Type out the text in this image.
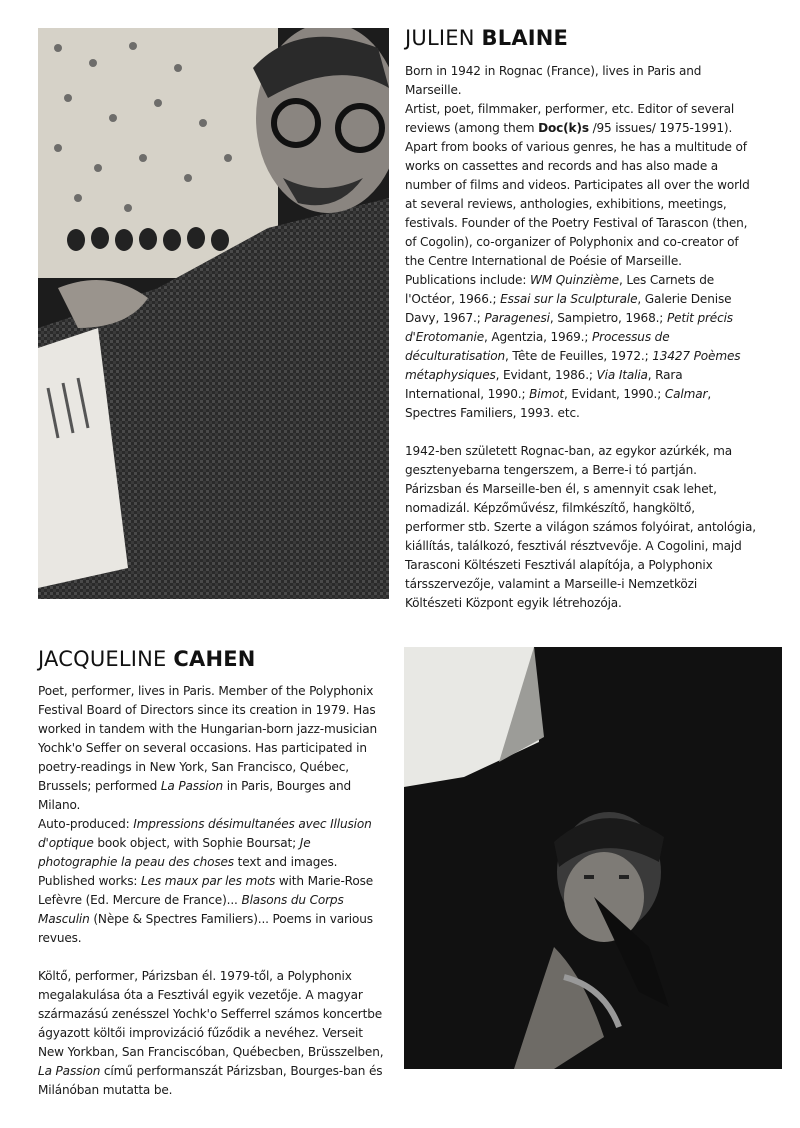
JULIEN BLAINE

Born in 1942 in Rognac (France), lives in Paris and Marseille.

Artist, poet, filmmaker, performer, etc. Editor of several reviews (among them Doc(k)s /95 issues/ 1975-1991). Apart from books of various genres, he has a multitude of works on cassettes and records and has also made a number of films and videos. Participates all over the world at several reviews, anthologies, exhibitions, meetings, festivals. Founder of the Poetry Festival of Tarascon (then, of Cogolin), co-organizer of Polyphonix and co-creator of the Centre International de Poésie of Marseille.

Publications include: WM Quinzième, Les Carnets de l'Octéor, 1966.; Essai sur la Sculpturale, Galerie Denise Davy, 1967.; Paragenesi, Sampietro, 1968.; Petit précis d'Erotomanie, Agentzia, 1969.; Processus de déculturatisation, Tête de Feuilles, 1972.; 13427 Poèmes métaphysiques, Evidant, 1986.; Via Italia, Rara International, 1990.; Bimot, Evidant, 1990.; Calmar, Spectres Familiers, 1993. etc.

1942-ben született Rognac-ban, az egykor azúrkék, ma gesztenyebarna tengerszem, a Berre-i tó partján. Párizsban és Marseille-ben él, s amennyit csak lehet, nomadizál. Képzőművész, filmkészítő, hangköltő, performer stb. Szerte a világon számos folyóirat, antológia, kiállítás, találkozó, fesztivál résztvevője. A Cogolini, majd Tarasconi Költészeti Fesztivál alapítója, a Polyphonix társszervezője, valamint a Marseille-i Nemzetközi Költészeti Központ egyik létrehozója.

JACQUELINE CAHEN

Poet, performer, lives in Paris. Member of the Polyphonix Festival Board of Directors since its creation in 1979. Has worked in tandem with the Hungarian-born jazz-musician Yochk'o Seffer on several occasions. Has participated in poetry-readings in New York, San Francisco, Québec, Brussels; performed La Passion in Paris, Bourges and Milano.

Auto-produced: Impressions désimultanées avec Illusion d'optique book object, with Sophie Boursat; Je photographie la peau des choses text and images.

Published works: Les maux par les mots with Marie-Rose Lefèvre (Ed. Mercure de France)... Blasons du Corps Masculin (Nèpe & Spectres Familiers)... Poems in various revues.

Költő, performer, Párizsban él. 1979-től, a Polyphonix megalakulása óta a Fesztivál egyik vezetője. A magyar származású zenésszel Yochk'o Sefferrel számos koncertbe ágyazott költői improvizáció fűződik a nevéhez. Verseit New Yorkban, San Franciscóban, Québecben, Brüsszelben, La Passion című performanszát Párizsban, Bourges-ban és Milánóban mutatta be.
